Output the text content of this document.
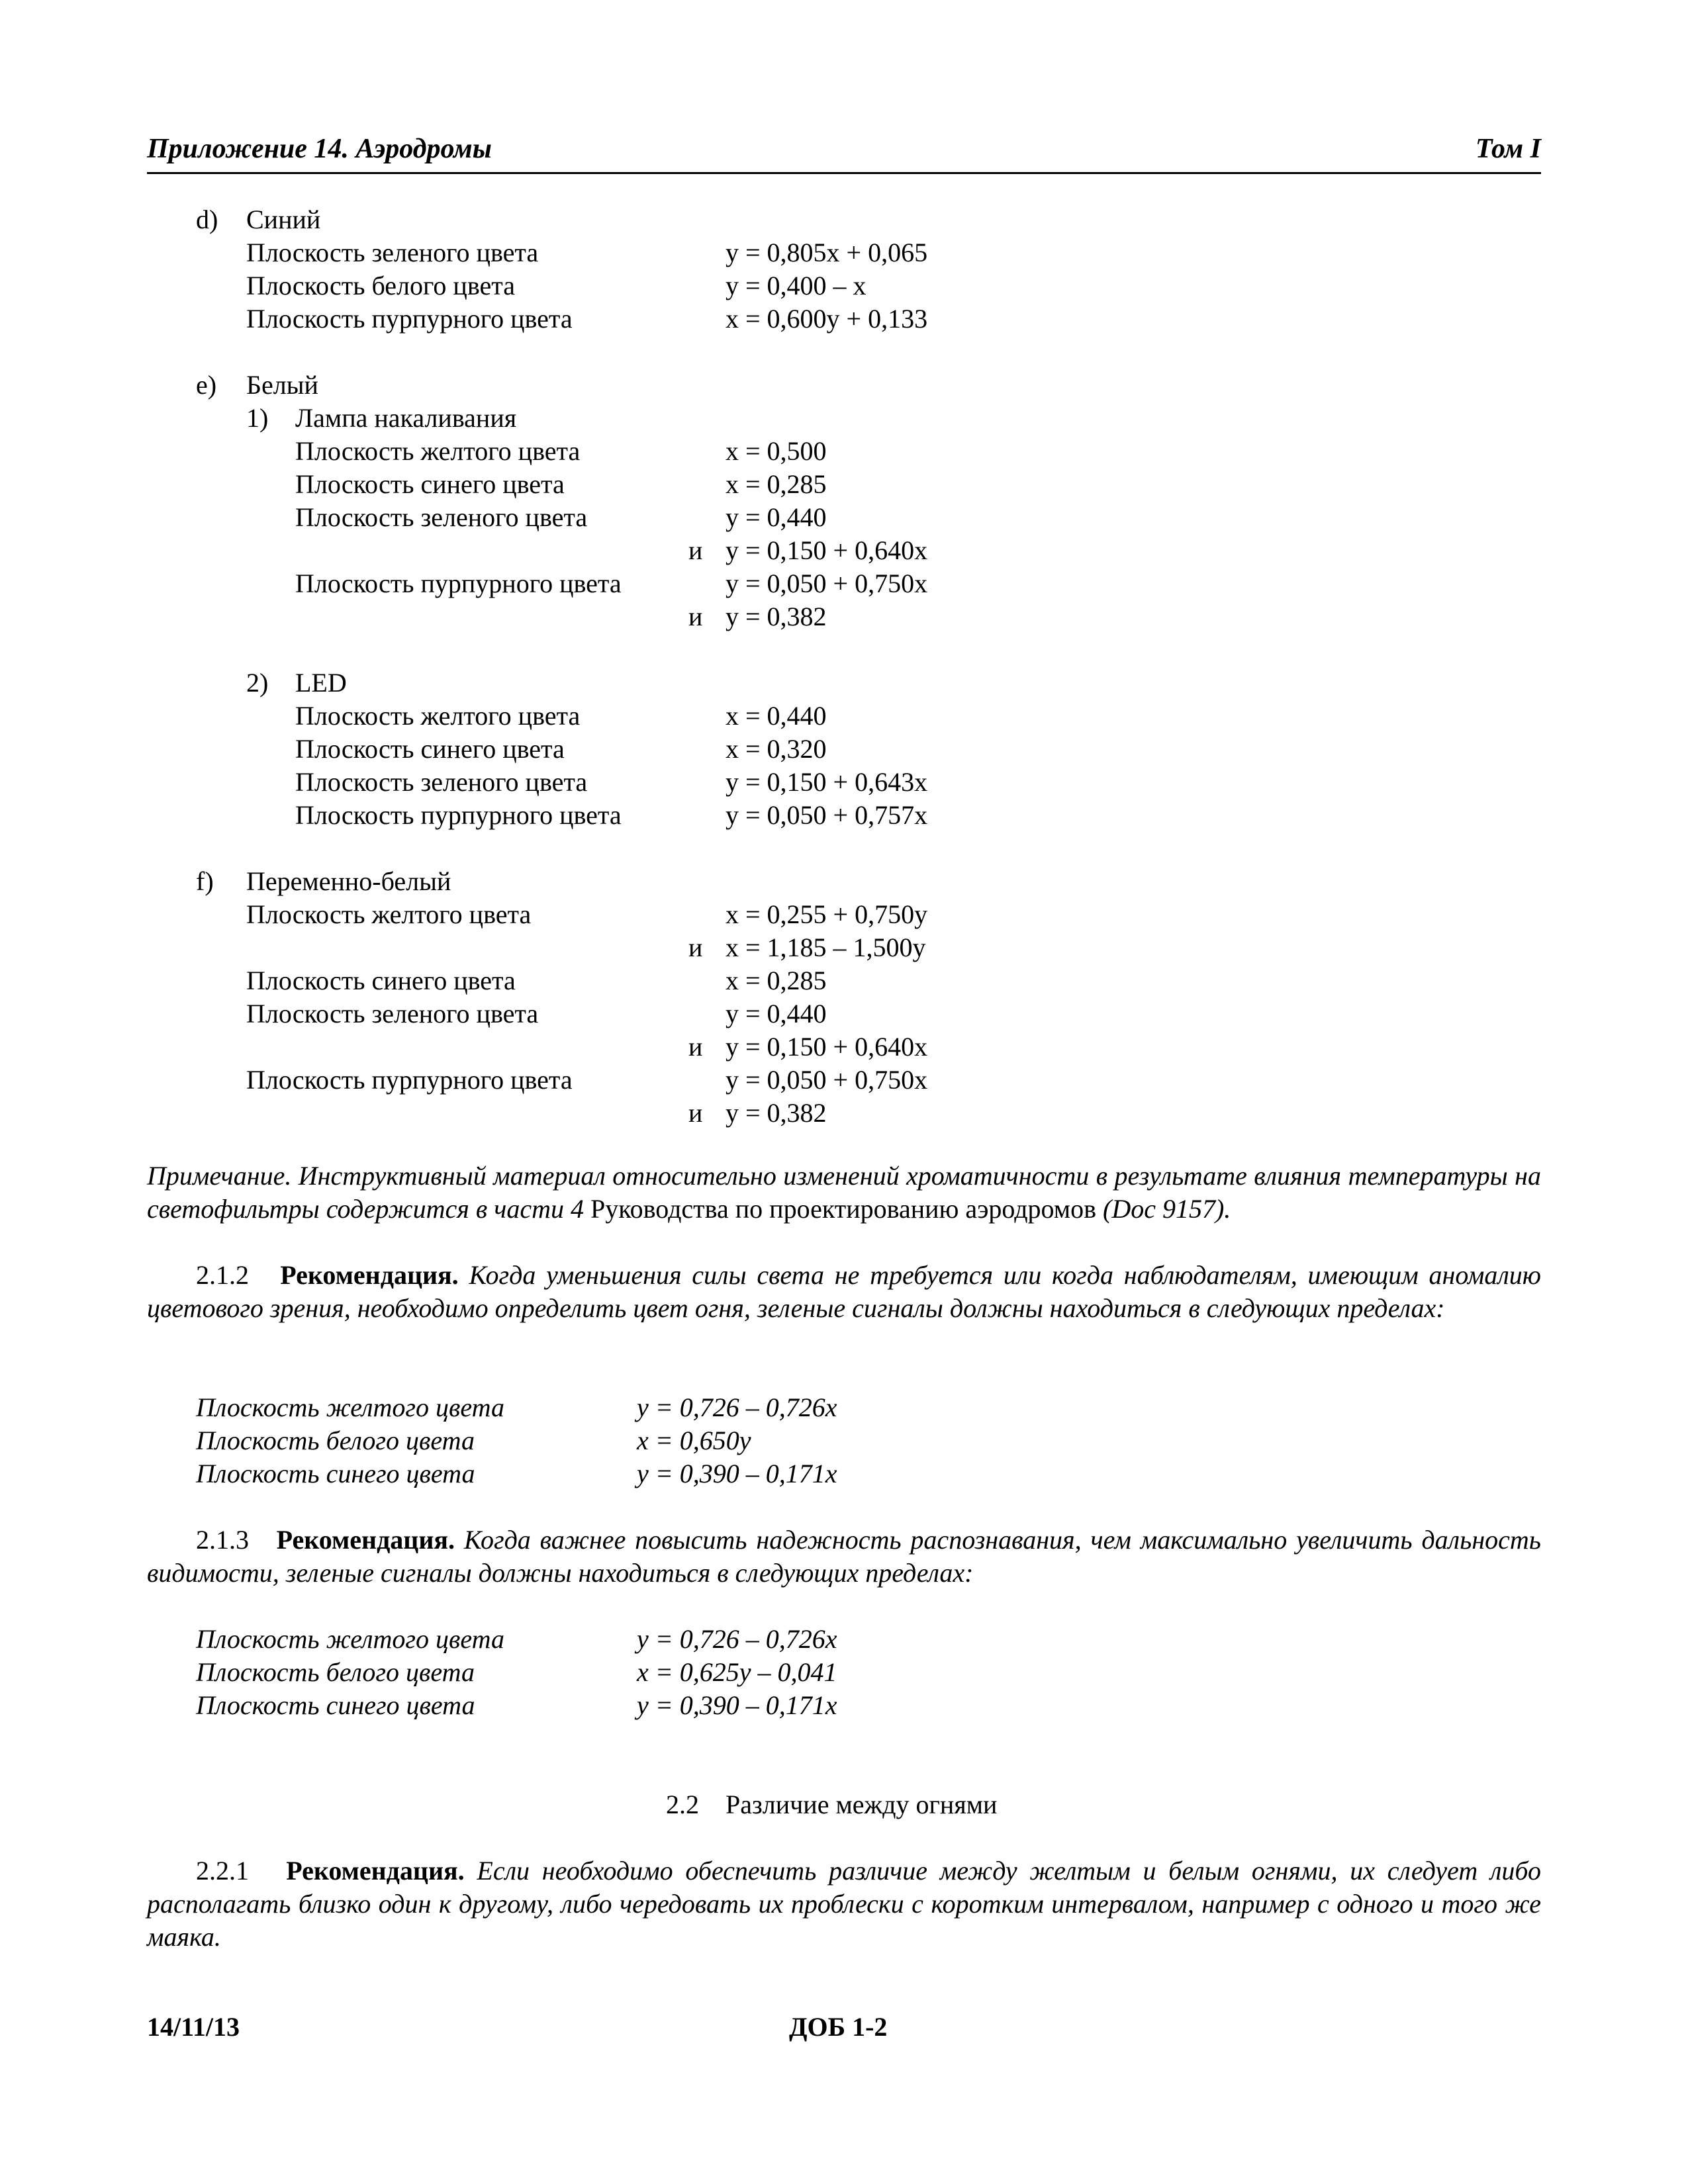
Приложение 14. Аэродромы	Том I
d) Синий
Плоскость зеленого цвета	y = 0,805x + 0,065
Плоскость белого цвета	y = 0,400 – x
Плоскость пурпурного цвета	x = 0,600y + 0,133
e) Белый
1) Лампа накаливания
Плоскость желтого цвета	x = 0,500
Плоскость синего цвета	x = 0,285
Плоскость зеленого цвета	y = 0,440
и y = 0,150 + 0,640x
Плоскость пурпурного цвета	y = 0,050 + 0,750x
и y = 0,382
2) LED
Плоскость желтого цвета	x = 0,440
Плоскость синего цвета	x = 0,320
Плоскость зеленого цвета	y = 0,150 + 0,643x
Плоскость пурпурного цвета	y = 0,050 + 0,757x
f) Переменно-белый
Плоскость желтого цвета	x = 0,255 + 0,750y
и x = 1,185 – 1,500y
Плоскость синего цвета	x = 0,285
Плоскость зеленого цвета	y = 0,440
и y = 0,150 + 0,640x
Плоскость пурпурного цвета	y = 0,050 + 0,750x
и y = 0,382
Примечание. Инструктивный материал относительно изменений хроматичности в результате влияния температуры на светофильтры содержится в части 4 Руководства по проектированию аэродромов (Doc 9157).
2.1.2 Рекомендация. Когда уменьшения силы света не требуется или когда наблюдателям, имеющим аномалию цветового зрения, необходимо определить цвет огня, зеленые сигналы должны находиться в следующих пределах:
Плоскость желтого цвета	y = 0,726 – 0,726x
Плоскость белого цвета	x = 0,650y
Плоскость синего цвета	y = 0,390 – 0,171x
2.1.3 Рекомендация. Когда важнее повысить надежность распознавания, чем максимально увеличить дальность видимости, зеленые сигналы должны находиться в следующих пределах:
Плоскость желтого цвета	y = 0,726 – 0,726x
Плоскость белого цвета	x = 0,625y – 0,041
Плоскость синего цвета	y = 0,390 – 0,171x
2.2 Различие между огнями
2.2.1 Рекомендация. Если необходимо обеспечить различие между желтым и белым огнями, их следует либо располагать близко один к другому, либо чередовать их проблески с коротким интервалом, например с одного и того же маяка.
14/11/13	ДОБ 1-2
